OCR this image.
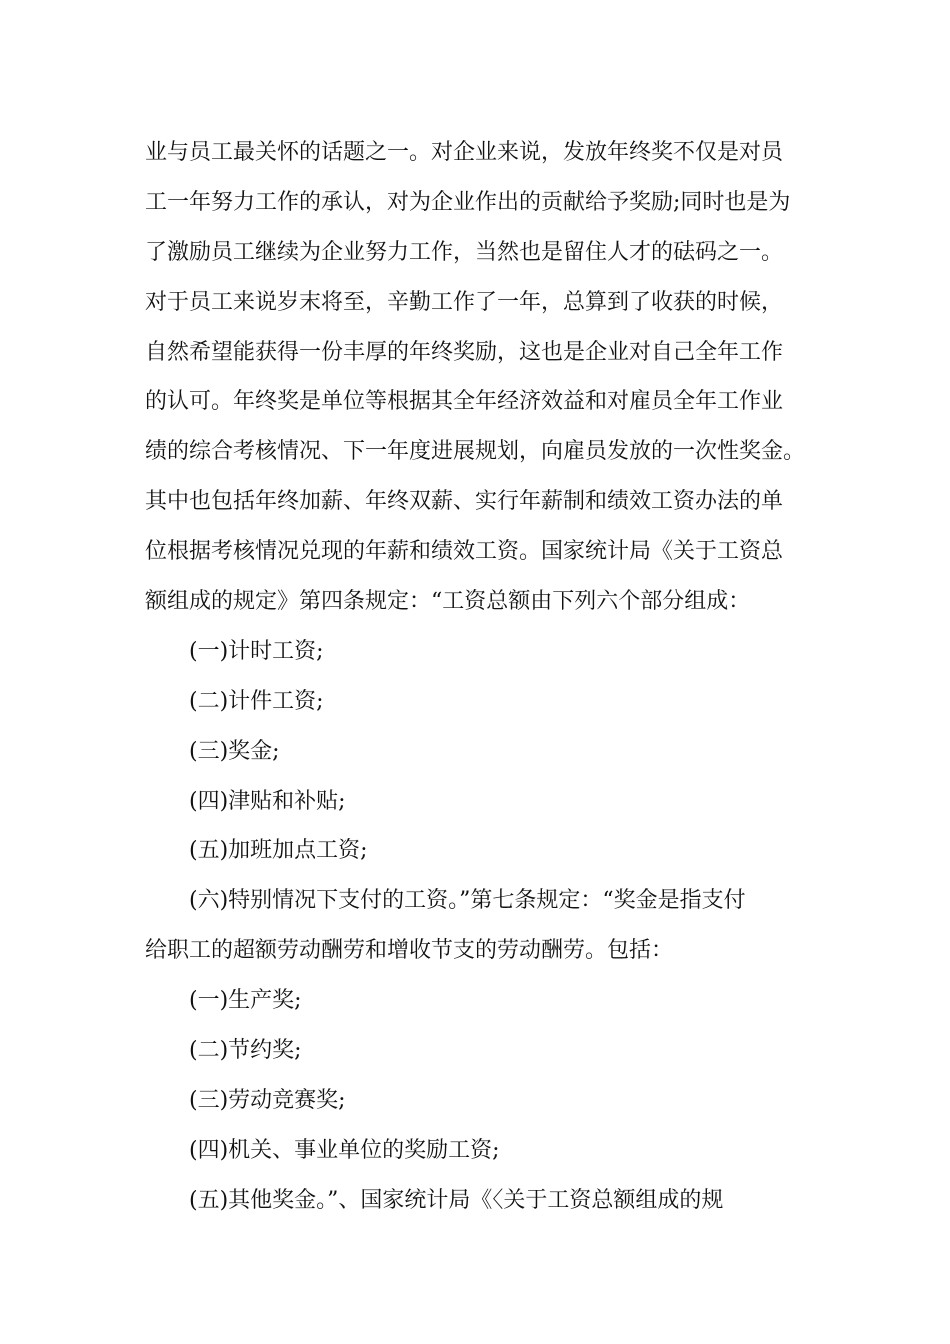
业与员工最关怀的话题之一。对企业来说，发放年终奖不仅是对员
工一年努力工作的承认，对为企业作出的贡献给予奖励;同时也是为
了激励员工继续为企业努力工作，当然也是留住人才的砝码之一。
对于员工来说岁末将至，辛勤工作了一年，总算到了收获的时候，
自然希望能获得一份丰厚的年终奖励，这也是企业对自己全年工作
的认可。年终奖是单位等根据其全年经济效益和对雇员全年工作业
绩的综合考核情况、下一年度进展规划，向雇员发放的一次性奖金。
其中也包括年终加薪、年终双薪、实行年薪制和绩效工资办法的单
位根据考核情况兑现的年薪和绩效工资。国家统计局《关于工资总
额组成的规定》第四条规定：“工资总额由下列六个部分组成：
(一)计时工资;
(二)计件工资;
(三)奖金;
(四)津贴和补贴;
(五)加班加点工资;
(六)特别情况下支付的工资。”第七条规定：“奖金是指支付
给职工的超额劳动酬劳和增收节支的劳动酬劳。包括：
(一)生产奖;
(二)节约奖;
(三)劳动竞赛奖;
(四)机关、事业单位的奖励工资;
(五)其他奖金。”、国家统计局《〈关于工资总额组成的规
